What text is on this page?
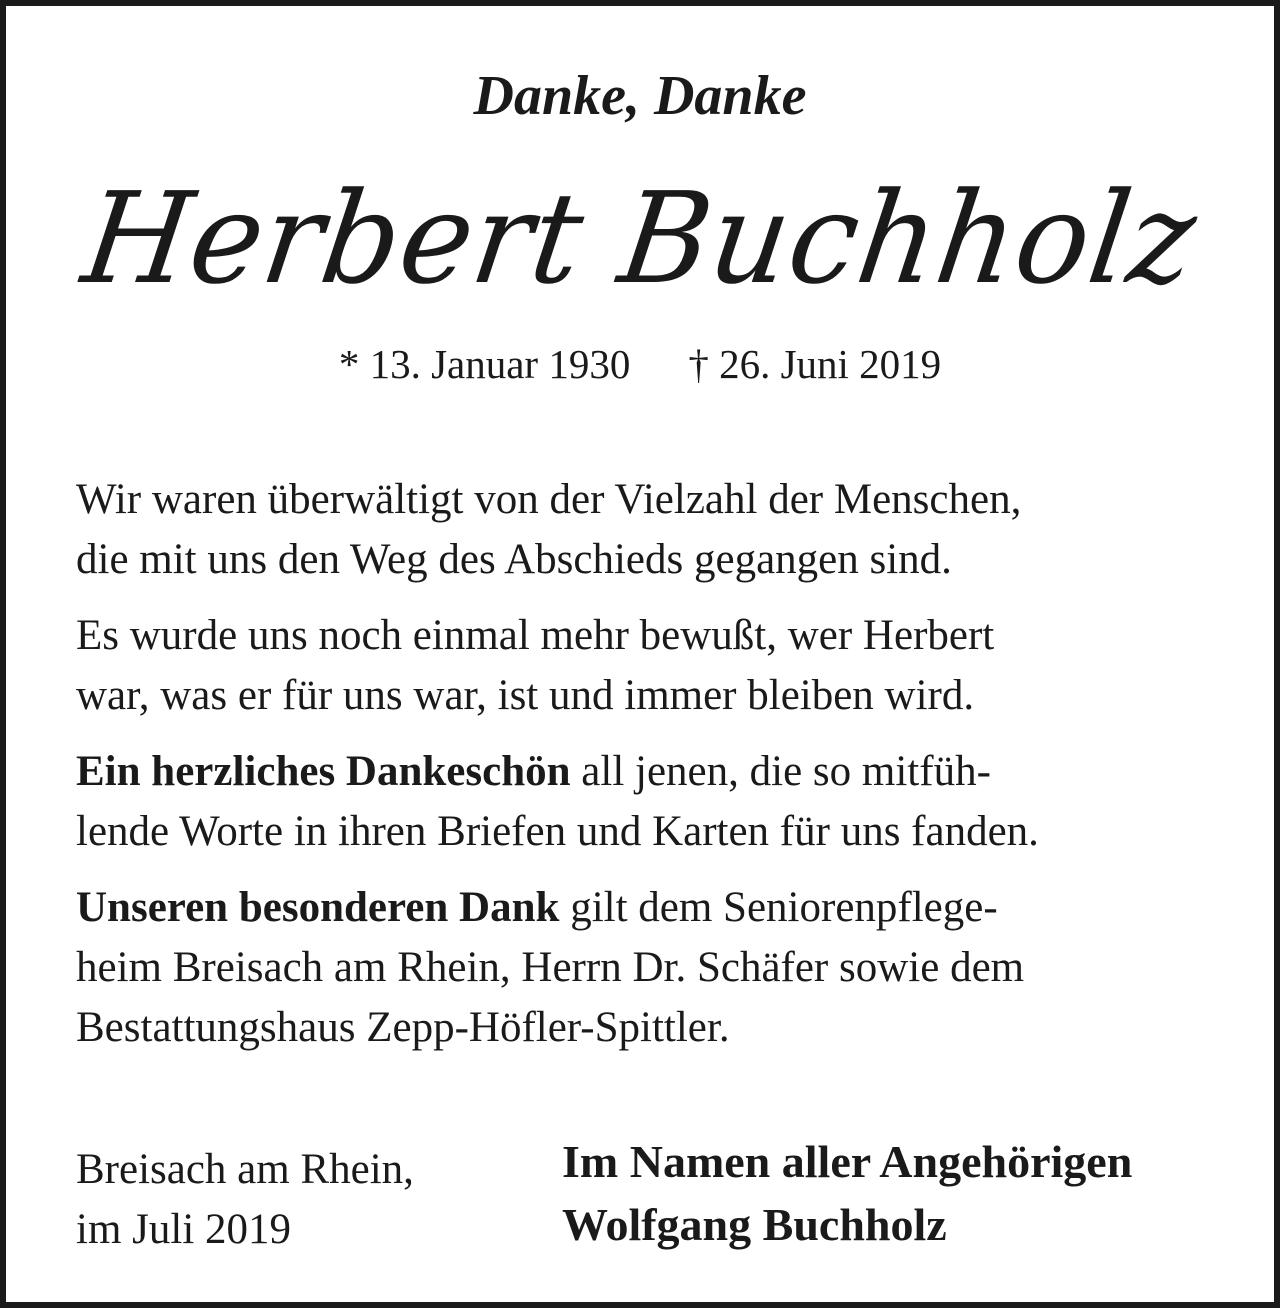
Danke, Danke
Herbert Buchholz
* 13. Januar 1930 † 26. Juni 2019

Wir waren überwältigt von der Vielzahl der Menschen,
die mit uns den Weg des Abschieds gegangen sind.

Es wurde uns noch einmal mehr bewußt, wer Herbert
war, was er für uns war, ist und immer bleiben wird.

Ein herzliches Dankeschön all jenen, die so mitfüh-
lende Worte in ihren Briefen und Karten für uns fanden.

Unseren besonderen Dank gilt dem Seniorenpflege-
heim Breisach am Rhein, Herrn Dr. Schäfer sowie dem
Bestattungshaus Zepp-Höfler-Spittler.

Breisach am Rhein,
im Juli 2019
Im Namen aller Angehörigen
Wolfgang Buchholz
